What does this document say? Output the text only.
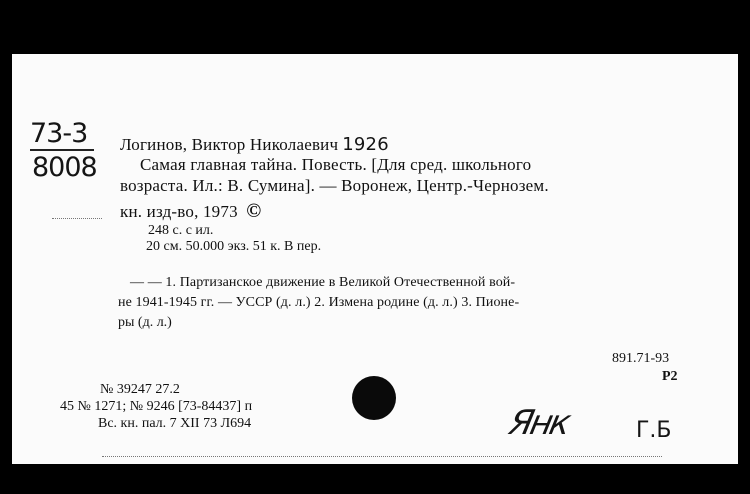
73-3
8008
Логинов, Виктор Николаевич 1926
Самая главная тайна. Повесть. [Для сред. школьного
возраста. Ил.: В. Сумина]. — Воронеж, Центр.-Чернозем.
кн. изд-во, 1973 ©
248 с. с ил.
20 см. 50.000 экз. 51 к. В пер.
— — 1. Партизанское движение в Великой Отечественной вой-
не 1941-1945 гг. — УССР (д. л.) 2. Измена родине (д. л.) 3. Пионе-
ры (д. л.)
891.71-93
Р2
№ 39247 27.2
45 № 1271; № 9246 [73-84437] п
Вс. кн. пал. 7 XII 73 Л694	Янк	Г.Б
